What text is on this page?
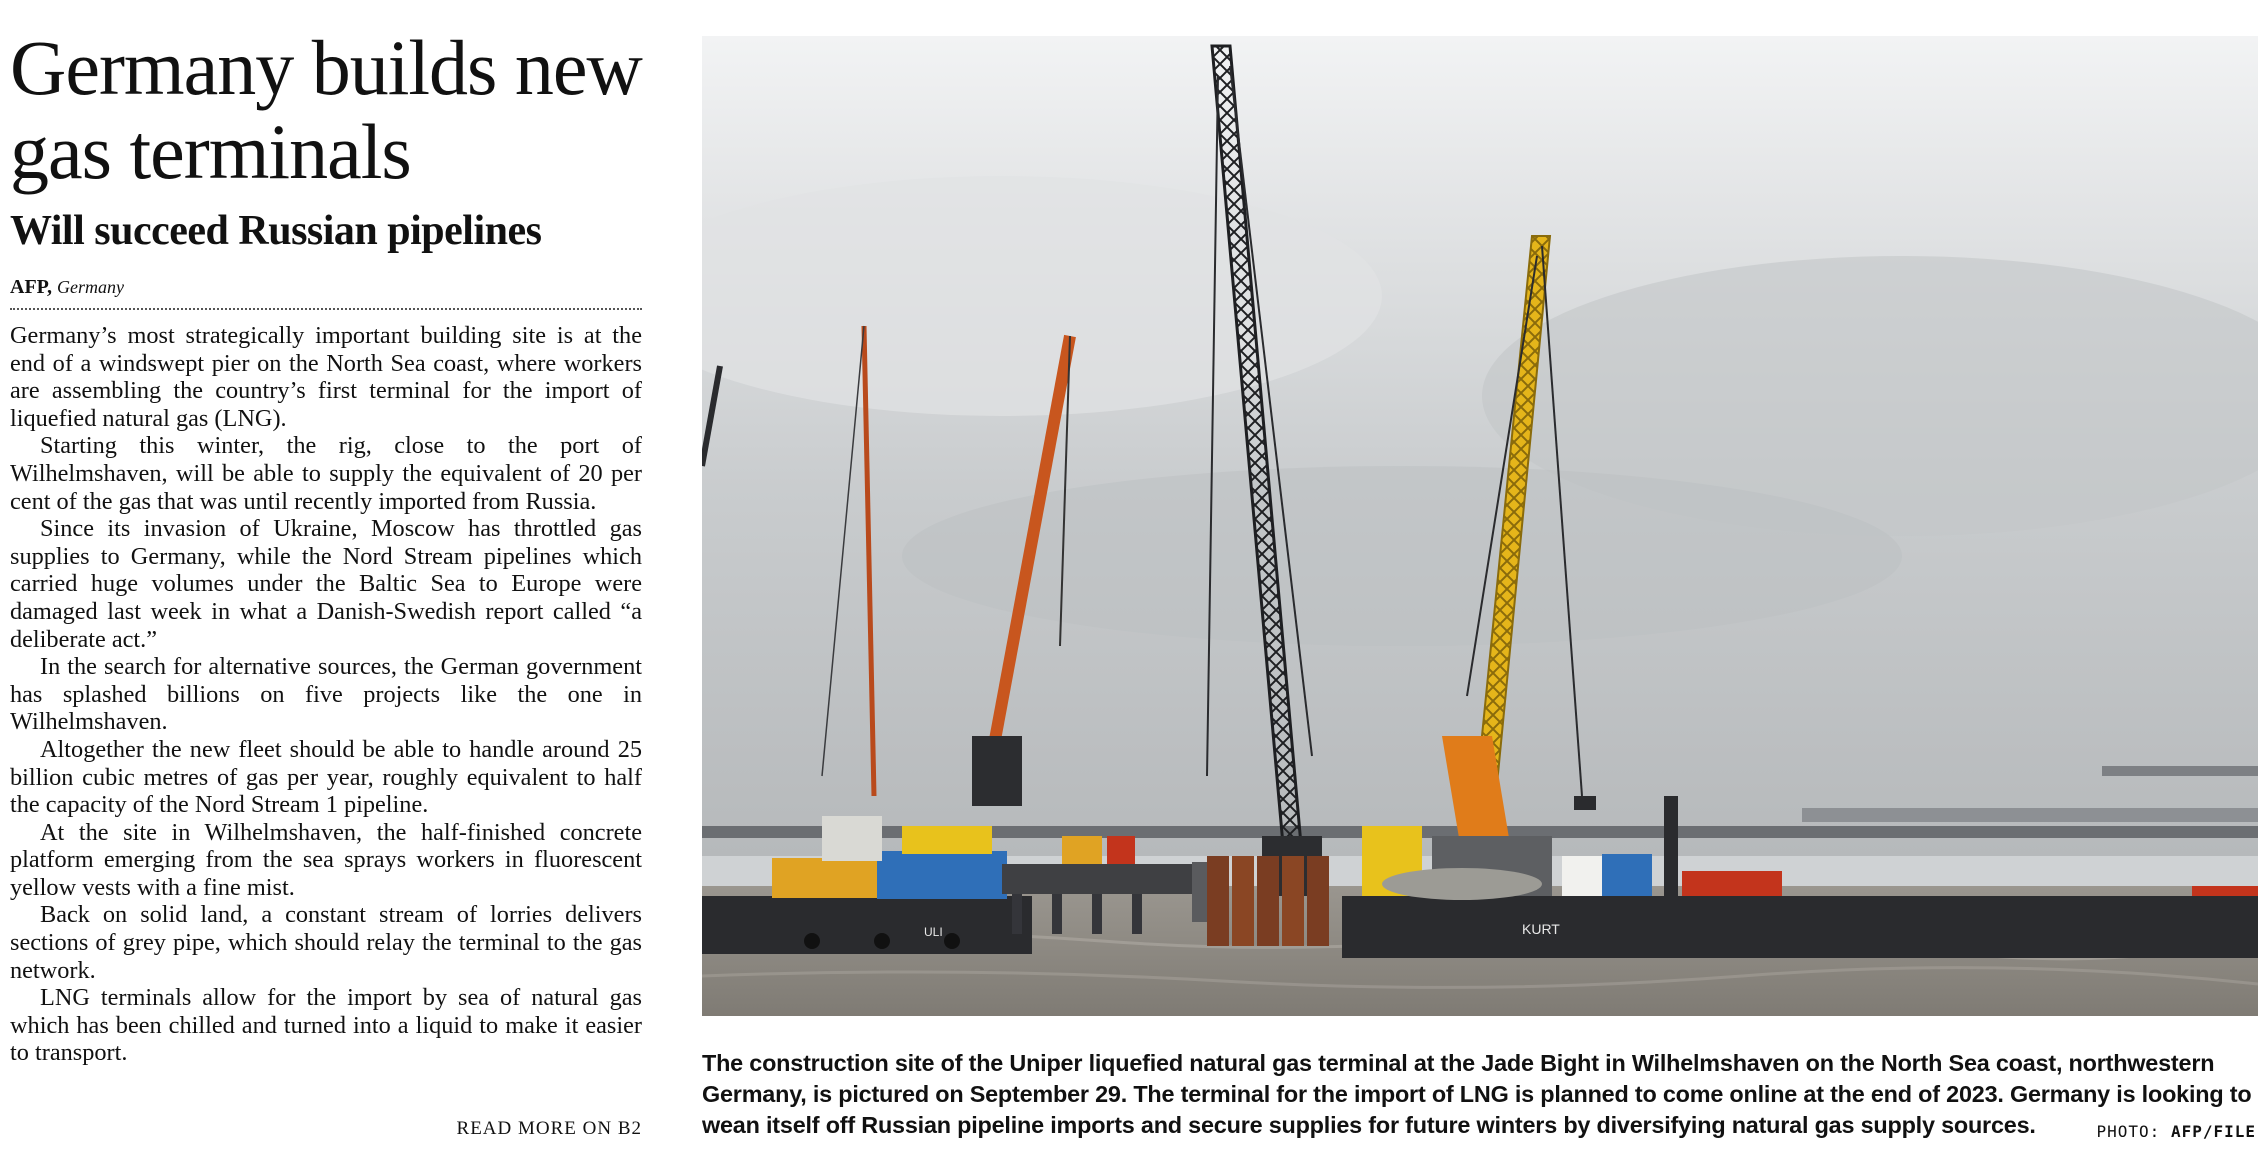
Germany builds new gas terminals
Will succeed Russian pipelines
AFP, Germany

Germany’s most strategically important building site is at the end of a windswept pier on the North Sea coast, where workers are assembling the country’s first terminal for the import of liquefied natural gas (LNG).

Starting this winter, the rig, close to the port of Wilhelmshaven, will be able to supply the equivalent of 20 per cent of the gas that was until recently imported from Russia.

Since its invasion of Ukraine, Moscow has throttled gas supplies to Germany, while the Nord Stream pipelines which carried huge volumes under the Baltic Sea to Europe were damaged last week in what a Danish-Swedish report called “a deliberate act.”

In the search for alternative sources, the German government has splashed billions on five projects like the one in Wilhelmshaven.

Altogether the new fleet should be able to handle around 25 billion cubic metres of gas per year, roughly equivalent to half the capacity of the Nord Stream 1 pipeline.

At the site in Wilhelmshaven, the half-finished concrete platform emerging from the sea sprays workers in fluorescent yellow vests with a fine mist.

Back on solid land, a constant stream of lorries delivers sections of grey pipe, which should relay the terminal to the gas network.

LNG terminals allow for the import by sea of natural gas which has been chilled and turned into a liquid to make it easier to transport.

READ MORE ON B2
ULI	KURT
The construction site of the Uniper liquefied natural gas terminal at the Jade Bight in Wilhelmshaven on the North Sea coast, northwestern Germany, is pictured on September 29. The terminal for the import of LNG is planned to come online at the end of 2023. Germany is looking to wean itself off Russian pipeline imports and secure supplies for future winters by diversifying natural gas supply sources.	PHOTO: AFP/FILE
